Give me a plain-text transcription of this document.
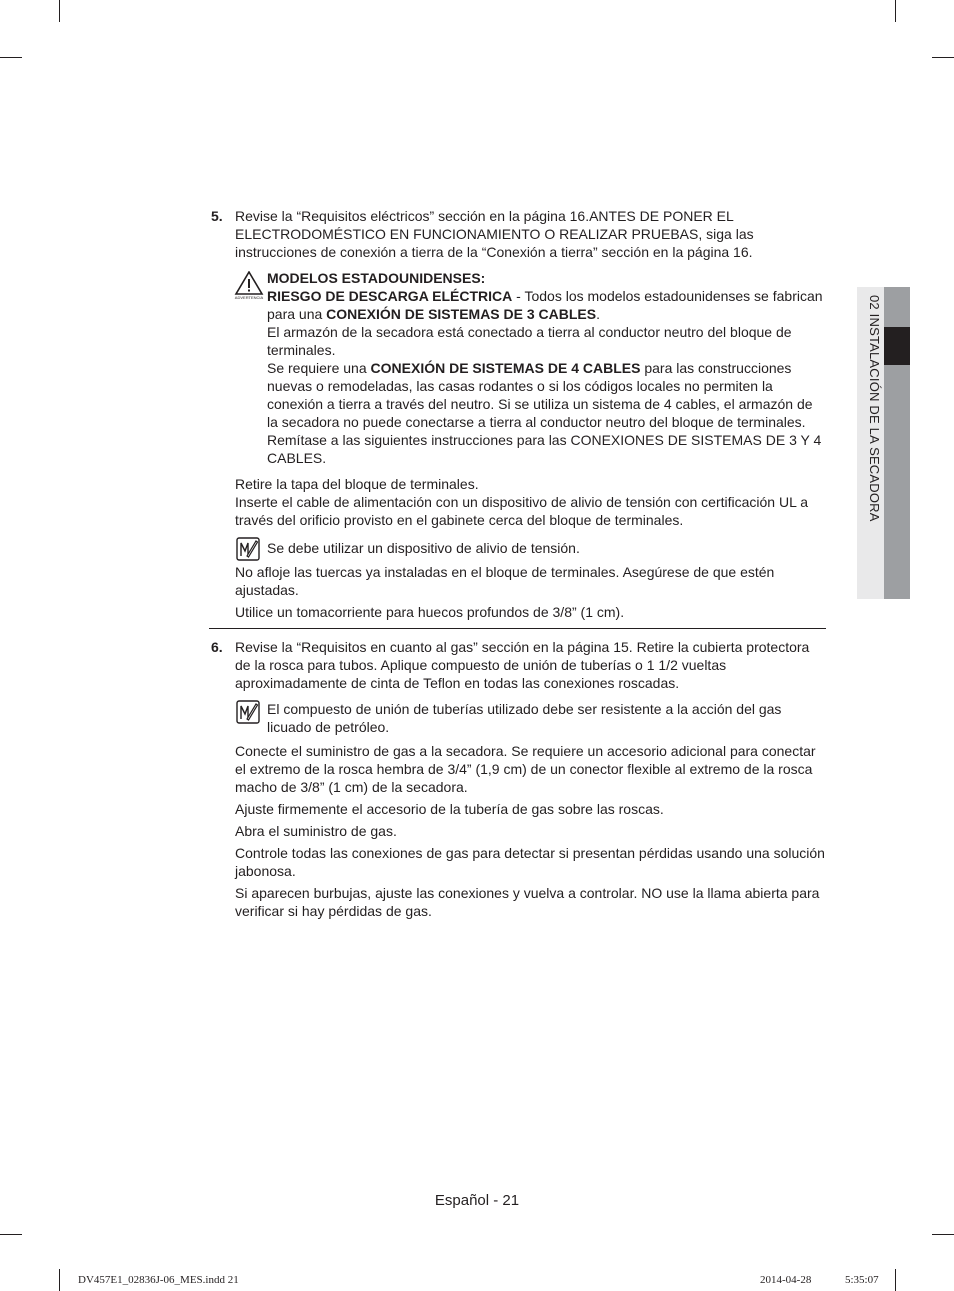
02 INSTALACIÓN DE LA SECADORA
5. Revise la “Requisitos eléctricos” sección en la página 16.ANTES DE PONER EL ELECTRODOMÉSTICO EN FUNCIONAMIENTO O REALIZAR PRUEBAS, siga las instrucciones de conexión a tierra de la “Conexión a tierra” sección en la página 16.

ADVERTENCIA

MODELOS ESTADOUNIDENSES:

RIESGO DE DESCARGA ELÉCTRICA - Todos los modelos estadounidenses se fabrican para una CONEXIÓN DE SISTEMAS DE 3 CABLES.

El armazón de la secadora está conectado a tierra al conductor neutro del bloque de terminales.

Se requiere una CONEXIÓN DE SISTEMAS DE 4 CABLES para las construcciones nuevas o remodeladas, las casas rodantes o si los códigos locales no permiten la conexión a tierra a través del neutro. Si se utiliza un sistema de 4 cables, el armazón de la secadora no puede conectarse a tierra al conductor neutro del bloque de terminales.

Remítase a las siguientes instrucciones para las CONEXIONES DE SISTEMAS DE 3 Y 4 CABLES.

Retire la tapa del bloque de terminales.

Inserte el cable de alimentación con un dispositivo de alivio de tensión con certificación UL a través del orificio provisto en el gabinete cerca del bloque de terminales.

Se debe utilizar un dispositivo de alivio de tensión.

No afloje las tuercas ya instaladas en el bloque de terminales. Asegúrese de que estén ajustadas.

Utilice un tomacorriente para huecos profundos de 3/8” (1 cm).

6. Revise la “Requisitos en cuanto al gas” sección en la página 15. Retire la cubierta protectora de la rosca para tubos. Aplique compuesto de unión de tuberías o 1 1/2 vueltas aproximadamente de cinta de Teflon en todas las conexiones roscadas.

El compuesto de unión de tuberías utilizado debe ser resistente a la acción del gas licuado de petróleo.

Conecte el suministro de gas a la secadora. Se requiere un accesorio adicional para conectar el extremo de la rosca hembra de 3/4” (1,9 cm) de un conector flexible al extremo de la rosca macho de 3/8” (1 cm) de la secadora.

Ajuste firmemente el accesorio de la tubería de gas sobre las roscas.

Abra el suministro de gas.

Controle todas las conexiones de gas para detectar si presentan pérdidas usando una solución jabonosa.

Si aparecen burbujas, ajuste las conexiones y vuelva a controlar. NO use la llama abierta para verificar si hay pérdidas de gas.

Español - 21
DV457E1_02836J-06_MES.indd 21	2014-04-28	5:35:07
